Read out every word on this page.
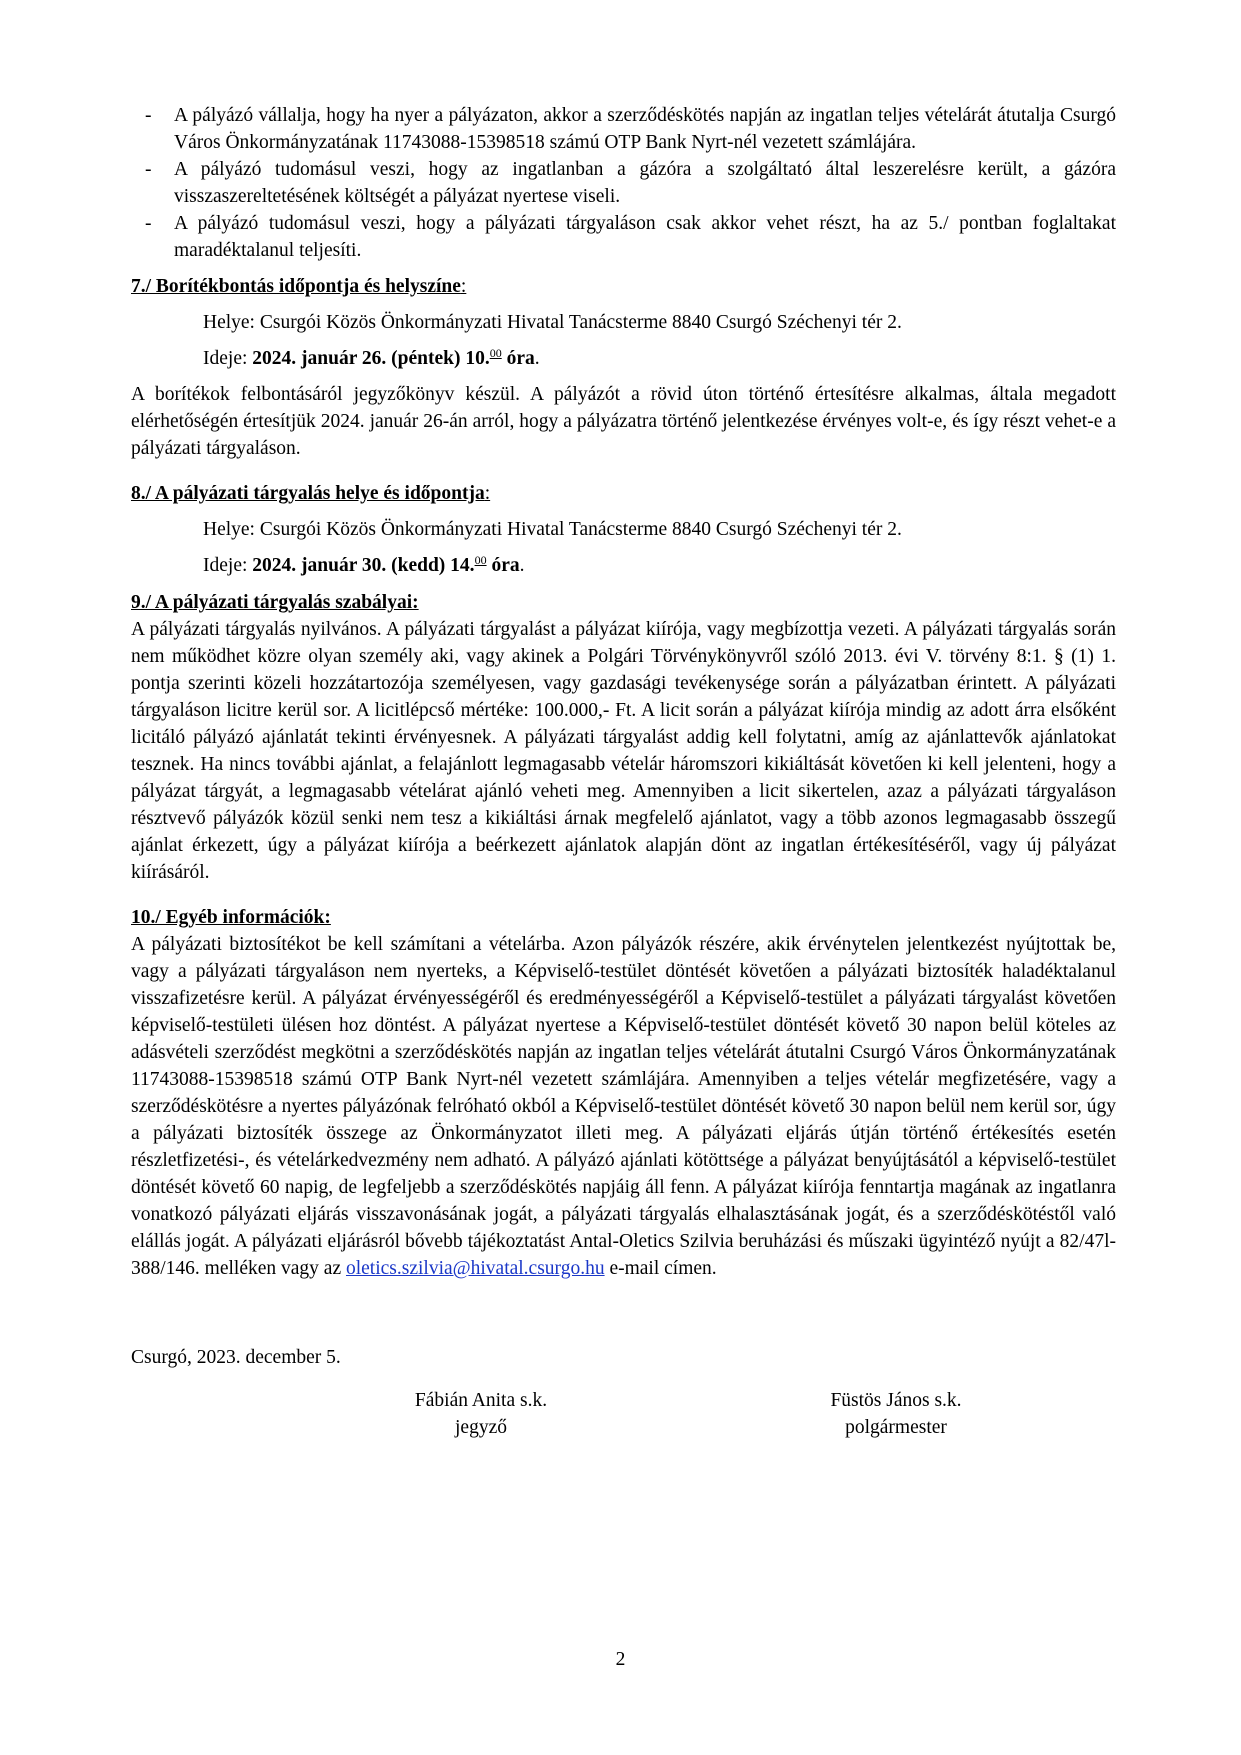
- A pályázó vállalja, hogy ha nyer a pályázaton, akkor a szerződéskötés napján az ingatlan teljes vételárát átutalja Csurgó Város Önkormányzatának 11743088-15398518 számú OTP Bank Nyrt-nél vezetett számlájára.
- A pályázó tudomásul veszi, hogy az ingatlanban a gázóra a szolgáltató által leszerelésre került, a gázóra visszaszereltetésének költségét a pályázat nyertese viseli.
- A pályázó tudomásul veszi, hogy a pályázati tárgyaláson csak akkor vehet részt, ha az 5./ pontban foglaltakat maradéktalanul teljesíti.

7./ Borítékbontás időpontja és helyszíne:

Helye: Csurgói Közös Önkormányzati Hivatal Tanácsterme 8840 Csurgó Széchenyi tér 2.

Ideje: 2024. január 26. (péntek) 10.00 óra.

A borítékok felbontásáról jegyzőkönyv készül. A pályázót a rövid úton történő értesítésre alkalmas, általa megadott elérhetőségén értesítjük 2024. január 26-án arról, hogy a pályázatra történő jelentkezése érvényes volt-e, és így részt vehet-e a pályázati tárgyaláson.

8./ A pályázati tárgyalás helye és időpontja:

Helye: Csurgói Közös Önkormányzati Hivatal Tanácsterme 8840 Csurgó Széchenyi tér 2.

Ideje: 2024. január 30. (kedd) 14.00 óra.

9./ A pályázati tárgyalás szabályai:

A pályázati tárgyalás nyilvános. A pályázati tárgyalást a pályázat kiírója, vagy megbízottja vezeti. A pályázati tárgyalás során nem működhet közre olyan személy aki, vagy akinek a Polgári Törvénykönyvről szóló 2013. évi V. törvény 8:1. § (1) 1. pontja szerinti közeli hozzátartozója személyesen, vagy gazdasági tevékenysége során a pályázatban érintett. A pályázati tárgyaláson licitre kerül sor. A licitlépcső mértéke: 100.000,- Ft. A licit során a pályázat kiírója mindig az adott árra elsőként licitáló pályázó ajánlatát tekinti érvényesnek. A pályázati tárgyalást addig kell folytatni, amíg az ajánlattevők ajánlatokat tesznek. Ha nincs további ajánlat, a felajánlott legmagasabb vételár háromszori kikiáltását követően ki kell jelenteni, hogy a pályázat tárgyát, a legmagasabb vételárat ajánló veheti meg. Amennyiben a licit sikertelen, azaz a pályázati tárgyaláson résztvevő pályázók közül senki nem tesz a kikiáltási árnak megfelelő ajánlatot, vagy a több azonos legmagasabb összegű ajánlat érkezett, úgy a pályázat kiírója a beérkezett ajánlatok alapján dönt az ingatlan értékesítéséről, vagy új pályázat kiírásáról.

10./ Egyéb információk:

A pályázati biztosítékot be kell számítani a vételárba. Azon pályázók részére, akik érvénytelen jelentkezést nyújtottak be, vagy a pályázati tárgyaláson nem nyerteks, a Képviselő-testület döntését követően a pályázati biztosíték haladéktalanul visszafizetésre kerül. A pályázat érvényességéről és eredményességéről a Képviselő-testület a pályázati tárgyalást követően képviselő-testületi ülésen hoz döntést. A pályázat nyertese a Képviselő-testület döntését követő 30 napon belül köteles az adásvételi szerződést megkötni a szerződéskötés napján az ingatlan teljes vételárát átutalni Csurgó Város Önkormányzatának 11743088-15398518 számú OTP Bank Nyrt-nél vezetett számlájára. Amennyiben a teljes vételár megfizetésére, vagy a szerződéskötésre a nyertes pályázónak felróható okból a Képviselő-testület döntését követő 30 napon belül nem kerül sor, úgy a pályázati biztosíték összege az Önkormányzatot illeti meg. A pályázati eljárás útján történő értékesítés esetén részletfizetési-, és vételárkedvezmény nem adható. A pályázó ajánlati kötöttsége a pályázat benyújtásától a képviselő-testület döntését követő 60 napig, de legfeljebb a szerződéskötés napjáig áll fenn. A pályázat kiírója fenntartja magának az ingatlanra vonatkozó pályázati eljárás visszavonásának jogát, a pályázati tárgyalás elhalasztásának jogát, és a szerződéskötéstől való elállás jogát. A pályázati eljárásról bővebb tájékoztatást Antal-Oletics Szilvia beruházási és műszaki ügyintéző nyújt a 82/47l-388/146. melléken vagy az oletics.szilvia@hivatal.csurgo.hu e-mail címen.

Csurgó, 2023. december 5.

Fábián Anita s.k.
jegyző
Füstös János s.k.
polgármester
2
